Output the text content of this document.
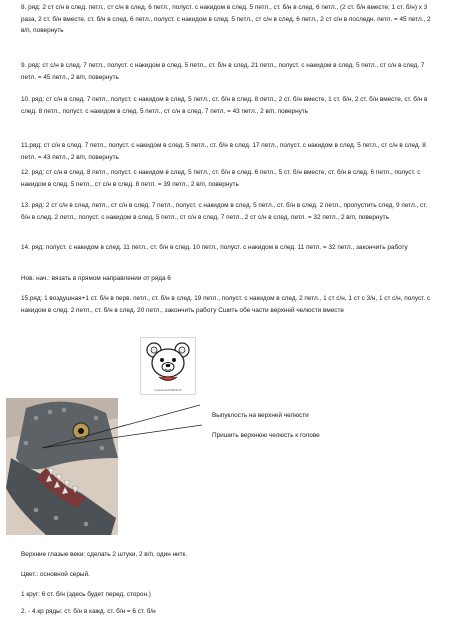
8. ряд: 2 ст с/н в след. петл., ст с/н в след. 6 петл., полуст. с накидом в след. 5 петл., ст. б/н в след. 6 петл., (2 ст. б/н вместе; 1 ст. б/н) х 3 раза, 2 ст. б/н вместе, ст. б/н в след. 6 петл., полуст. с накидом в след. 5 петл., ст с/н в след. 6 петл., 2 ст с/н в последн. петл. = 45 петл., 2 в/п, повернуть

9. ряд: ст с/н в след. 7 петл., полуст. с накидом в след. 5 петл., ст. б/н в след. 21 петл., полуст. с накидом в след. 5 петл., ст с/н в след. 7 петл. = 45 петл., 2 в/п, повернуть

10. ряд: ст с/н в след. 7 петл., полуст. с накидом в след. 5 петл., ст. б/н в след. 8 петл., 2 ст. б/н вместе, 1 ст. б/н, 2 ст. б/н вместе, ст. б/н в след. 8 петл., полуст. с накидом в след. 5 петл., ст с/н в след. 7 петл. = 43 петл., 2 в/п, повернуть

11.ряд: ст с/н в след. 7 петл., полуст. с накидом в след. 5 петл., ст. б/н в след. 17 петл., полуст. с накидом в след. 5 петл., ст с/н в след. 8 петл. = 43 петл., 2 в/п, повернуть

12. ряд: ст с/н в след. 8 петл., полуст. с накидом в след. 5 петл., ст. б/н в след. 6 петл., 5 ст. б/н вместе, ст. б/н в след. 6 петл., полуст. с накидом в след. 5 петл., ст с/н в след. 8 петл. = 39 петл., 2 в/п, повернуть

13. ряд: 2 ст с/н в след. петл., ст с/н в след. 7 петл., полуст. с накидом в след. 5 петл., ст. б/н в след. 2 петл., пропустить след. 9 петл., ст. б/н в след. 2 петл., полуст. с накидом в след. 5 петл., ст с/н в след. 7 петл., 2 ст с/н в след. петл. = 32 петл., 2 в/п, повернуть

14. ряд: полуст. с накидом в след. 11 петл., ст. б/н в след. 10 петл., полуст. с накидом в след. 11 петл. = 32 петл., закончить работу

Нов. нач.: вязать в прямом направлении от ряда 6

15.ряд: 1 воздушная+1 ст. б/н в перв. петл., ст. б/н в след. 19 петл., полуст. с накидом в след. 2 петл., 1 ст с/н, 1 ст с 3/н, 1 ст с/н, полуст. с накидом в след. 2 петл., ст. б/н в след. 20 петл., закончить работу Сшить обе части верхней челюсти вместе

Godzus.Kali.B05016

Выпуклость на верхней челюсти

Пришить верхнюю челюсть к голове

Верхние глазые веки: сделать 2 штуки, 2 в/п, один нитк.

Цвет.: основной серый.

1 круг: 6 ст. б/н (здесь будет перед. сторон.)

2. - 4.кр ряды: ст. б/н в кажд. ст. б/н = 6 ст. б/н
